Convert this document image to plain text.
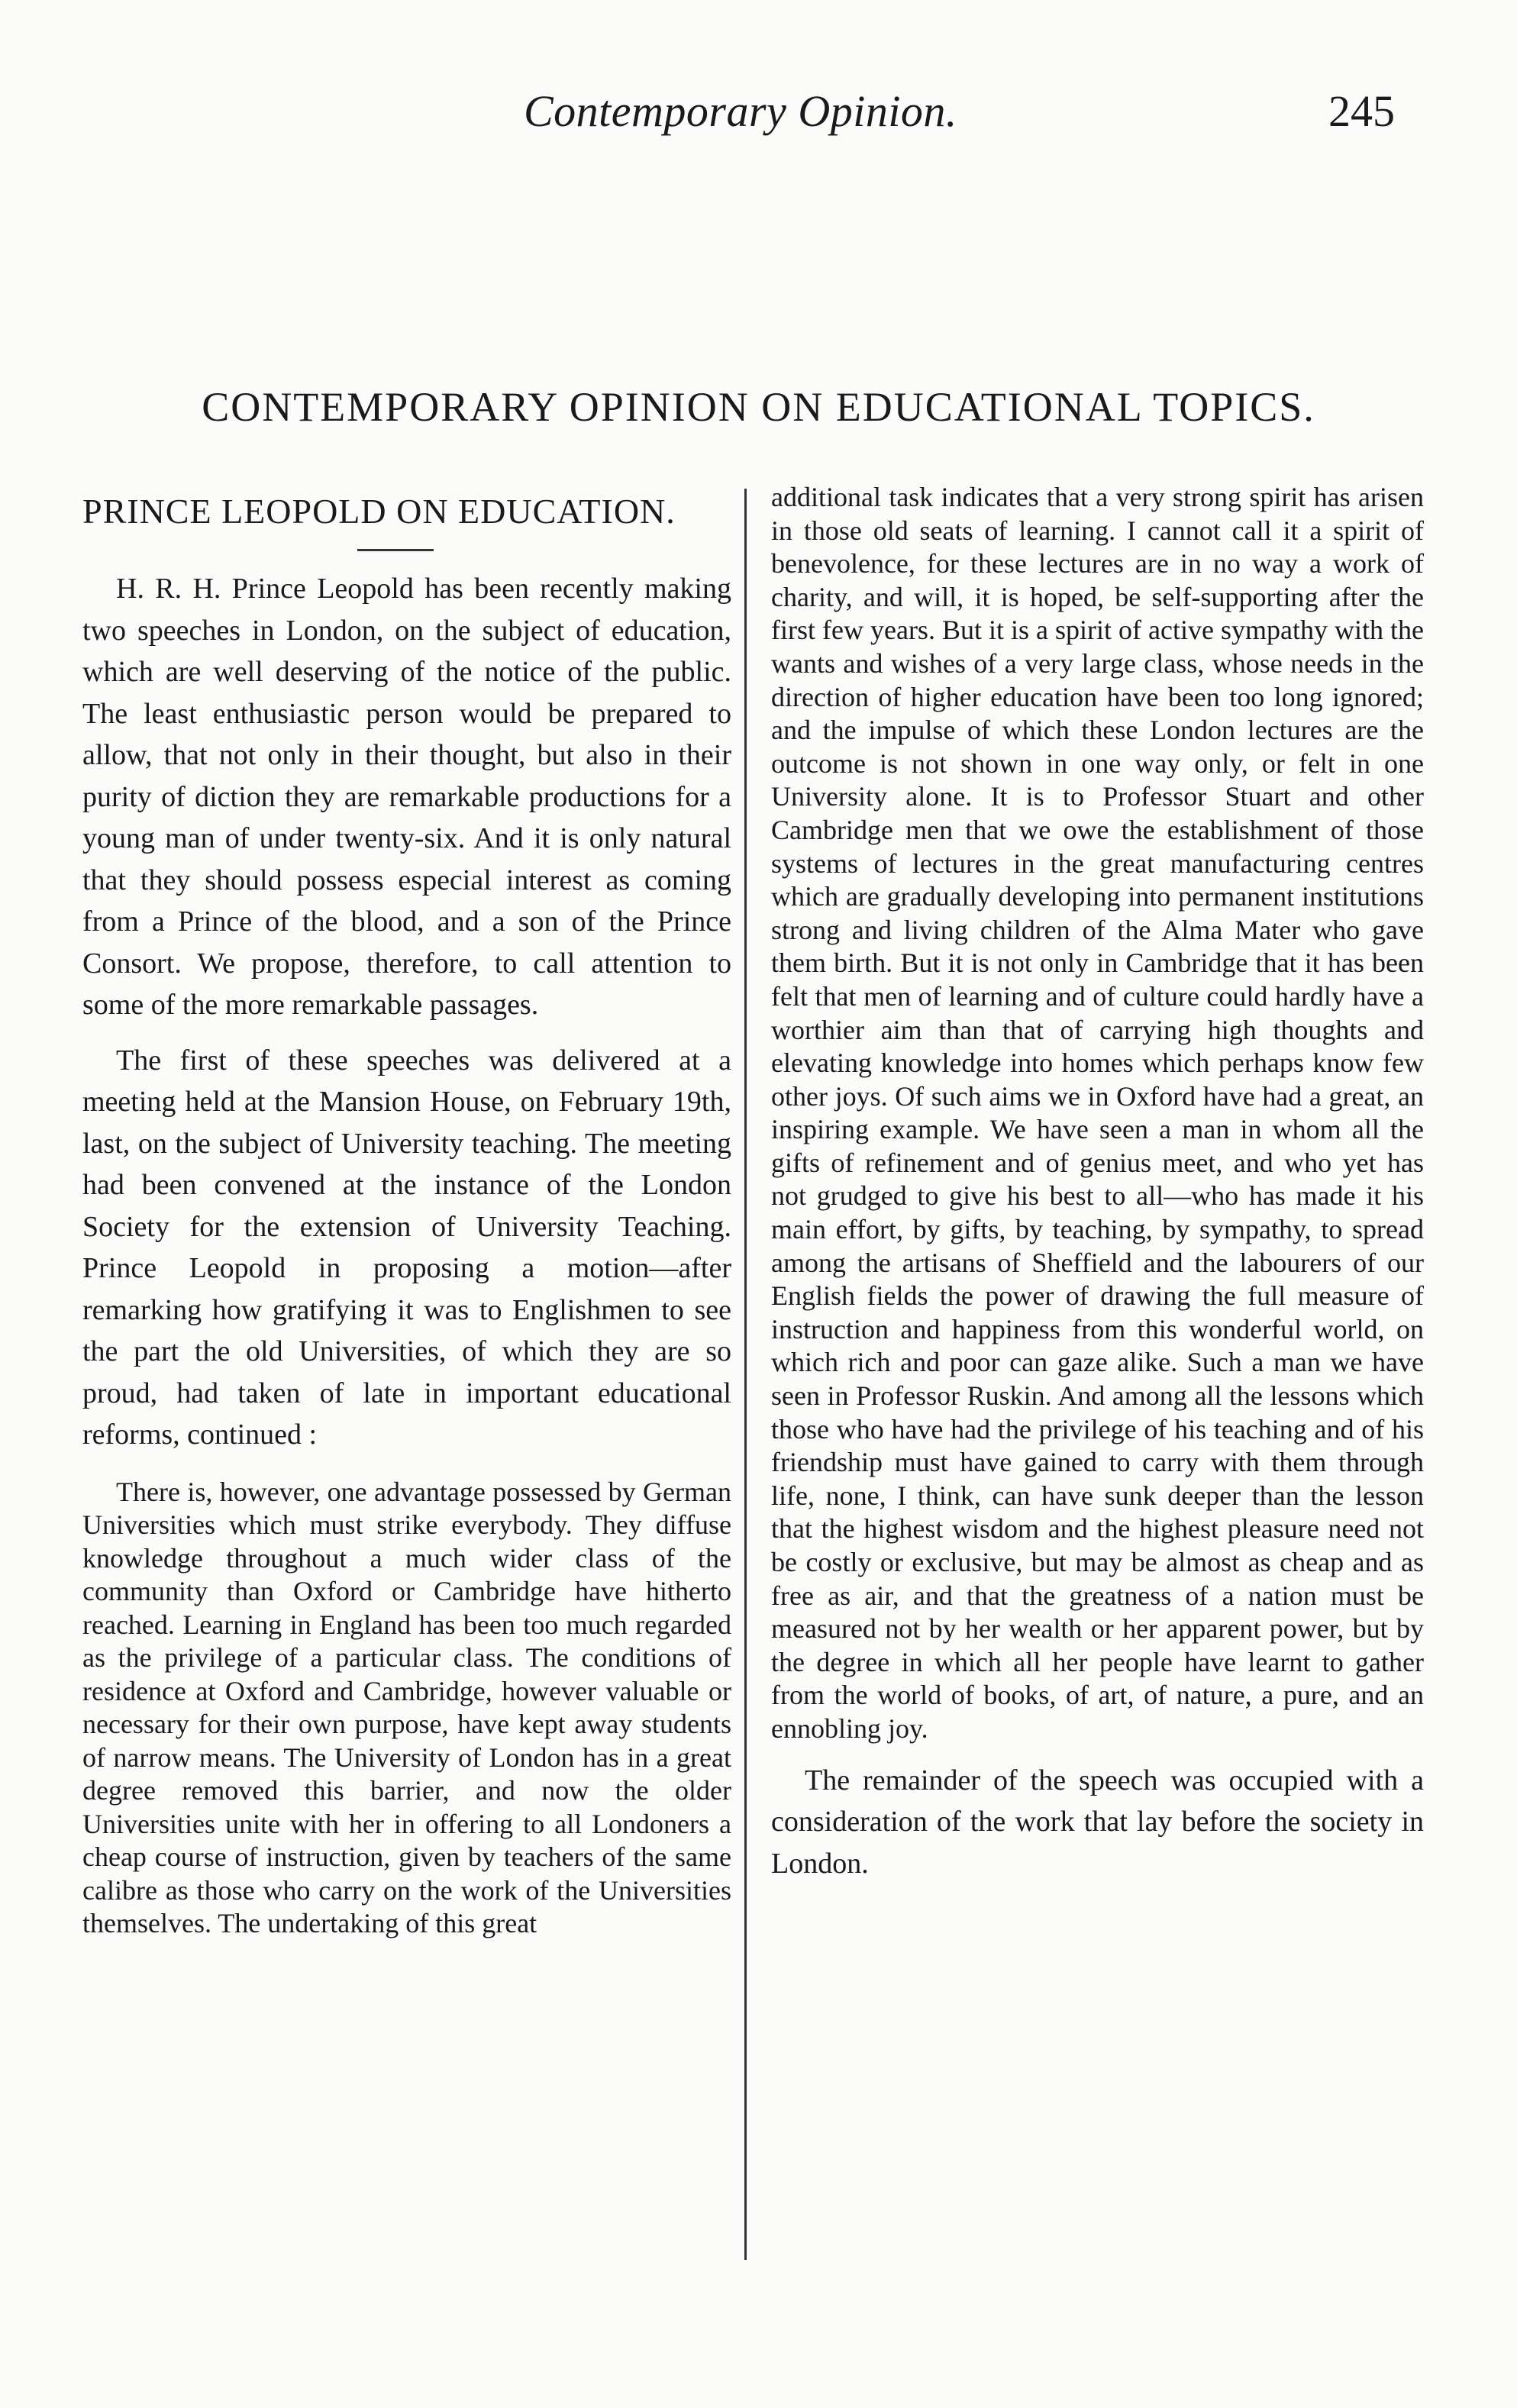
Contemporary Opinion.	245
CONTEMPORARY OPINION ON EDUCATIONAL TOPICS.
PRINCE LEOPOLD ON EDUCATION.

H. R. H. Prince Leopold has been recently making two speeches in London, on the subject of education, which are well deserving of the notice of the public. The least enthusiastic person would be prepared to allow, that not only in their thought, but also in their purity of diction they are remarkable productions for a young man of under twenty-six. And it is only natural that they should possess especial interest as coming from a Prince of the blood, and a son of the Prince Consort. We propose, therefore, to call attention to some of the more remarkable passages.

The first of these speeches was delivered at a meeting held at the Mansion House, on February 19th, last, on the subject of University teaching. The meeting had been convened at the instance of the London Society for the extension of University Teaching. Prince Leopold in proposing a motion—after remarking how gratifying it was to Englishmen to see the part the old Universities, of which they are so proud, had taken of late in important educational reforms, continued :

There is, however, one advantage possessed by German Universities which must strike everybody. They diffuse knowledge throughout a much wider class of the community than Oxford or Cambridge have hitherto reached. Learning in England has been too much regarded as the privilege of a particular class. The conditions of residence at Oxford and Cambridge, however valuable or necessary for their own purpose, have kept away students of narrow means. The University of London has in a great degree removed this barrier, and now the older Universities unite with her in offering to all Londoners a cheap course of instruction, given by teachers of the same calibre as those who carry on the work of the Universities themselves. The undertaking of this great

additional task indicates that a very strong spirit has arisen in those old seats of learning. I cannot call it a spirit of benevolence, for these lectures are in no way a work of charity, and will, it is hoped, be self-supporting after the first few years. But it is a spirit of active sympathy with the wants and wishes of a very large class, whose needs in the direction of higher education have been too long ignored; and the impulse of which these London lectures are the outcome is not shown in one way only, or felt in one University alone. It is to Professor Stuart and other Cambridge men that we owe the establishment of those systems of lectures in the great manufacturing centres which are gradually developing into permanent institutions strong and living children of the Alma Mater who gave them birth. But it is not only in Cambridge that it has been felt that men of learning and of culture could hardly have a worthier aim than that of carrying high thoughts and elevating knowledge into homes which perhaps know few other joys. Of such aims we in Oxford have had a great, an inspiring example. We have seen a man in whom all the gifts of refinement and of genius meet, and who yet has not grudged to give his best to all—who has made it his main effort, by gifts, by teaching, by sympathy, to spread among the artisans of Sheffield and the labourers of our English fields the power of drawing the full measure of instruction and happiness from this wonderful world, on which rich and poor can gaze alike. Such a man we have seen in Professor Ruskin. And among all the lessons which those who have had the privilege of his teaching and of his friendship must have gained to carry with them through life, none, I think, can have sunk deeper than the lesson that the highest wisdom and the highest pleasure need not be costly or exclusive, but may be almost as cheap and as free as air, and that the greatness of a nation must be measured not by her wealth or her apparent power, but by the degree in which all her people have learnt to gather from the world of books, of art, of nature, a pure, and an ennobling joy.

The remainder of the speech was occupied with a consideration of the work that lay before the society in London.
